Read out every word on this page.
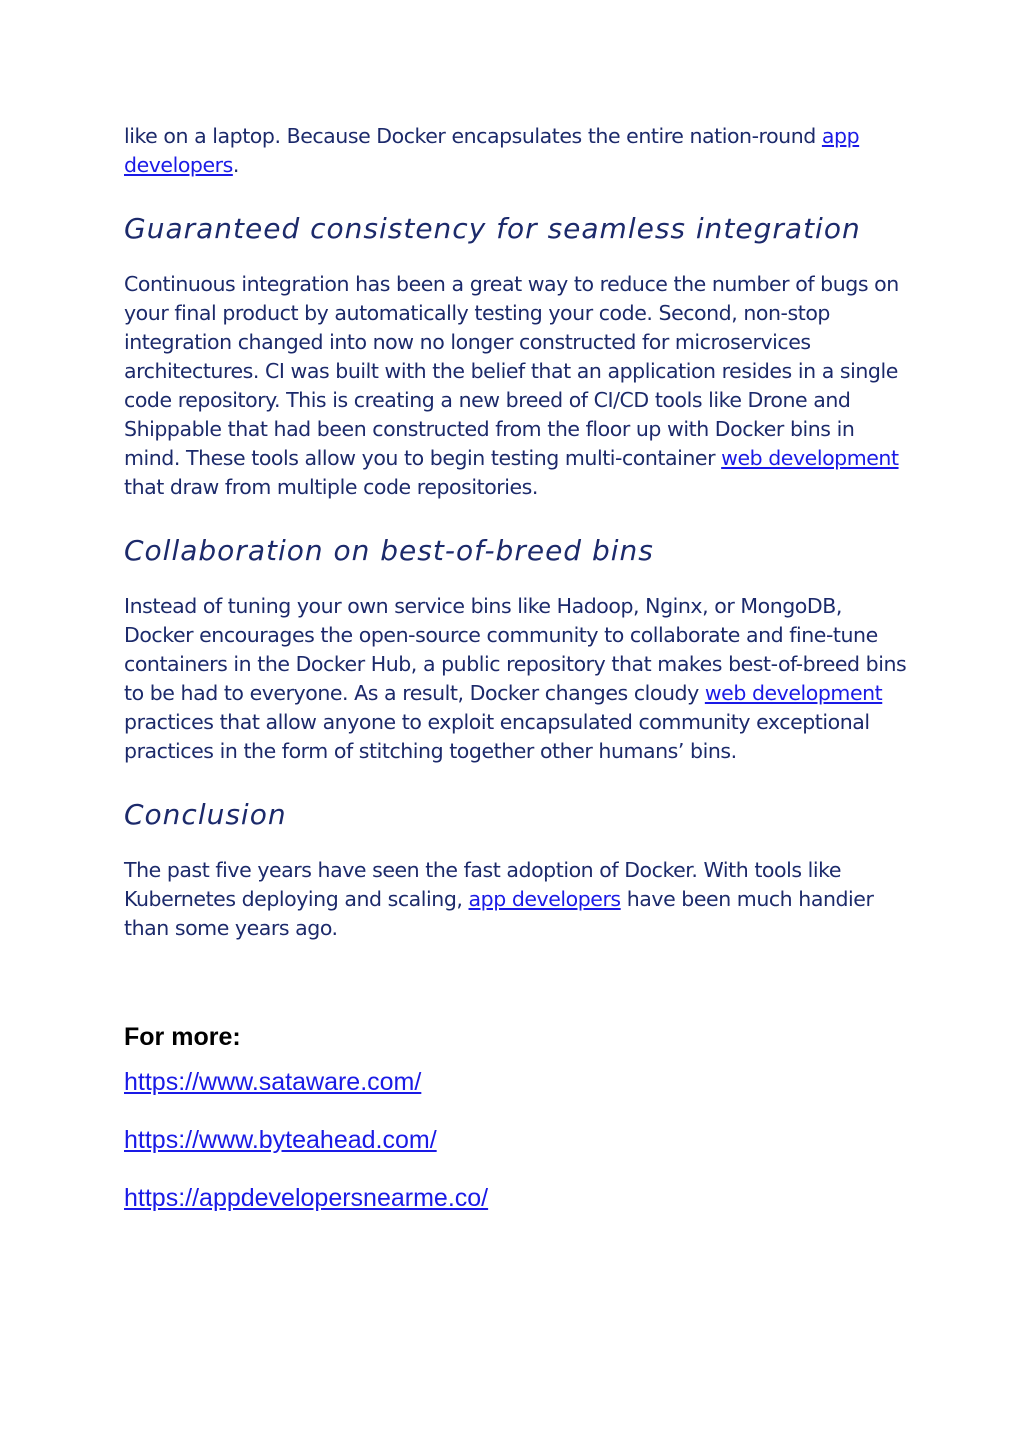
like on a laptop. Because Docker encapsulates the entire nation-round app developers.

Guaranteed consistency for seamless integration

Continuous integration has been a great way to reduce the number of bugs on your final product by automatically testing your code. Second, non-stop integration changed into now no longer constructed for microservices architectures. CI was built with the belief that an application resides in a single code repository. This is creating a new breed of CI/CD tools like Drone and Shippable that had been constructed from the floor up with Docker bins in mind. These tools allow you to begin testing multi-container web development that draw from multiple code repositories.

Collaboration on best-of-breed bins

Instead of tuning your own service bins like Hadoop, Nginx, or MongoDB, Docker encourages the open-source community to collaborate and fine-tune containers in the Docker Hub, a public repository that makes best-of-breed bins to be had to everyone. As a result, Docker changes cloudy web development practices that allow anyone to exploit encapsulated community exceptional practices in the form of stitching together other humans’ bins.

Conclusion

The past five years have seen the fast adoption of Docker. With tools like Kubernetes deploying and scaling, app developers have been much handier than some years ago.

For more:
https://www.sataware.com/
https://www.byteahead.com/
https://appdevelopersnearme.co/
